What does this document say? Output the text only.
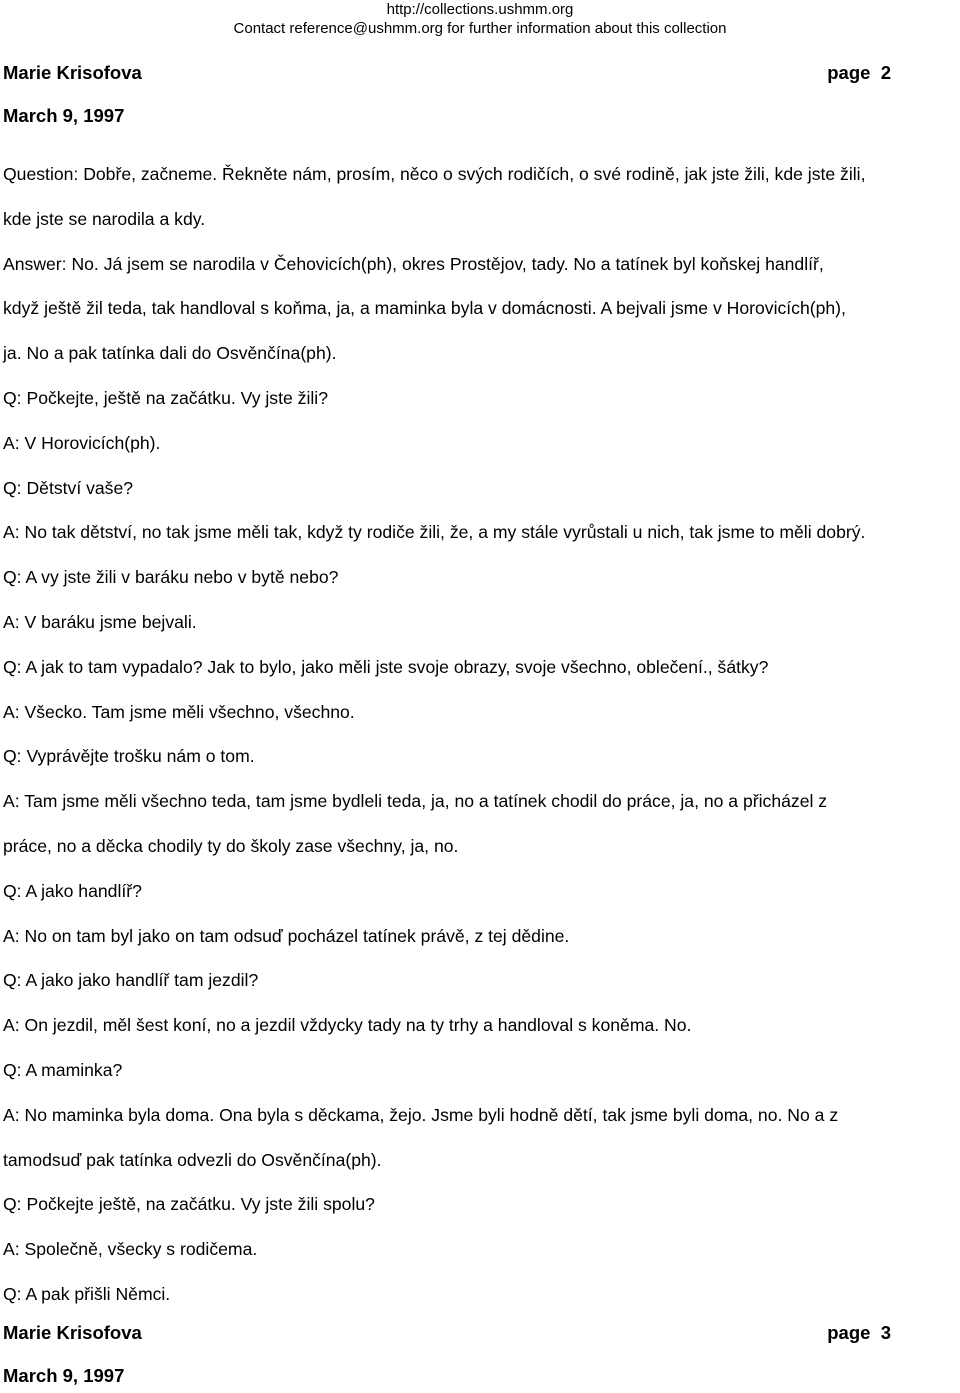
http://collections.ushmm.org
Contact reference@ushmm.org for further information about this collection
Marie Krisofova	page  2
March 9, 1997

Question: Dobře, začneme. Řekněte nám, prosím, něco o svých rodičích, o své rodině, jak jste žili, kde jste žili,

kde jste se narodila a kdy.

Answer: No. Já jsem se narodila v Čehovicích(ph), okres Prostějov, tady. No a tatínek byl koňskej handlíř,

když ještě žil teda, tak handloval s koňma, ja, a maminka byla v domácnosti. A bejvali jsme v Horovicích(ph),

ja. No a pak tatínka dali do Osvěnčína(ph).

Q: Počkejte, ještě na začátku. Vy jste žili?

A: V Horovicích(ph).

Q: Dětství vaše?

A: No tak dětství, no tak jsme měli tak, když ty rodiče žili, že, a my stále vyrůstali u nich, tak jsme to měli dobrý.

Q: A vy jste žili v baráku nebo v bytě nebo?

A: V baráku jsme bejvali.

Q: A jak to tam vypadalo? Jak to bylo, jako měli jste svoje obrazy, svoje všechno, oblečení., šátky?

A: Všecko. Tam jsme měli všechno, všechno.

Q: Vyprávějte trošku nám o tom.

A: Tam jsme měli všechno teda, tam jsme bydleli teda, ja, no a tatínek chodil do práce, ja, no a přicházel z

práce, no a děcka chodily ty do školy zase všechny, ja, no.

Q: A jako handlíř?

A: No on tam byl jako on tam odsuď pocházel tatínek právě, z tej dědine.

Q: A jako jako handlíř tam jezdil?

A: On jezdil, měl šest koní, no a jezdil vždycky tady na ty trhy a handloval s koněma. No.

Q: A maminka?

A: No maminka byla doma. Ona byla s děckama, žejo. Jsme byli hodně dětí, tak jsme byli doma, no. No a z

tamodsuď pak tatínka odvezli do Osvěnčína(ph).

Q: Počkejte ještě, na začátku. Vy jste žili spolu?

A: Společně, všecky s rodičema.

Q: A pak přišli Němci.

Marie Krisofova	page  3
March 9, 1997
